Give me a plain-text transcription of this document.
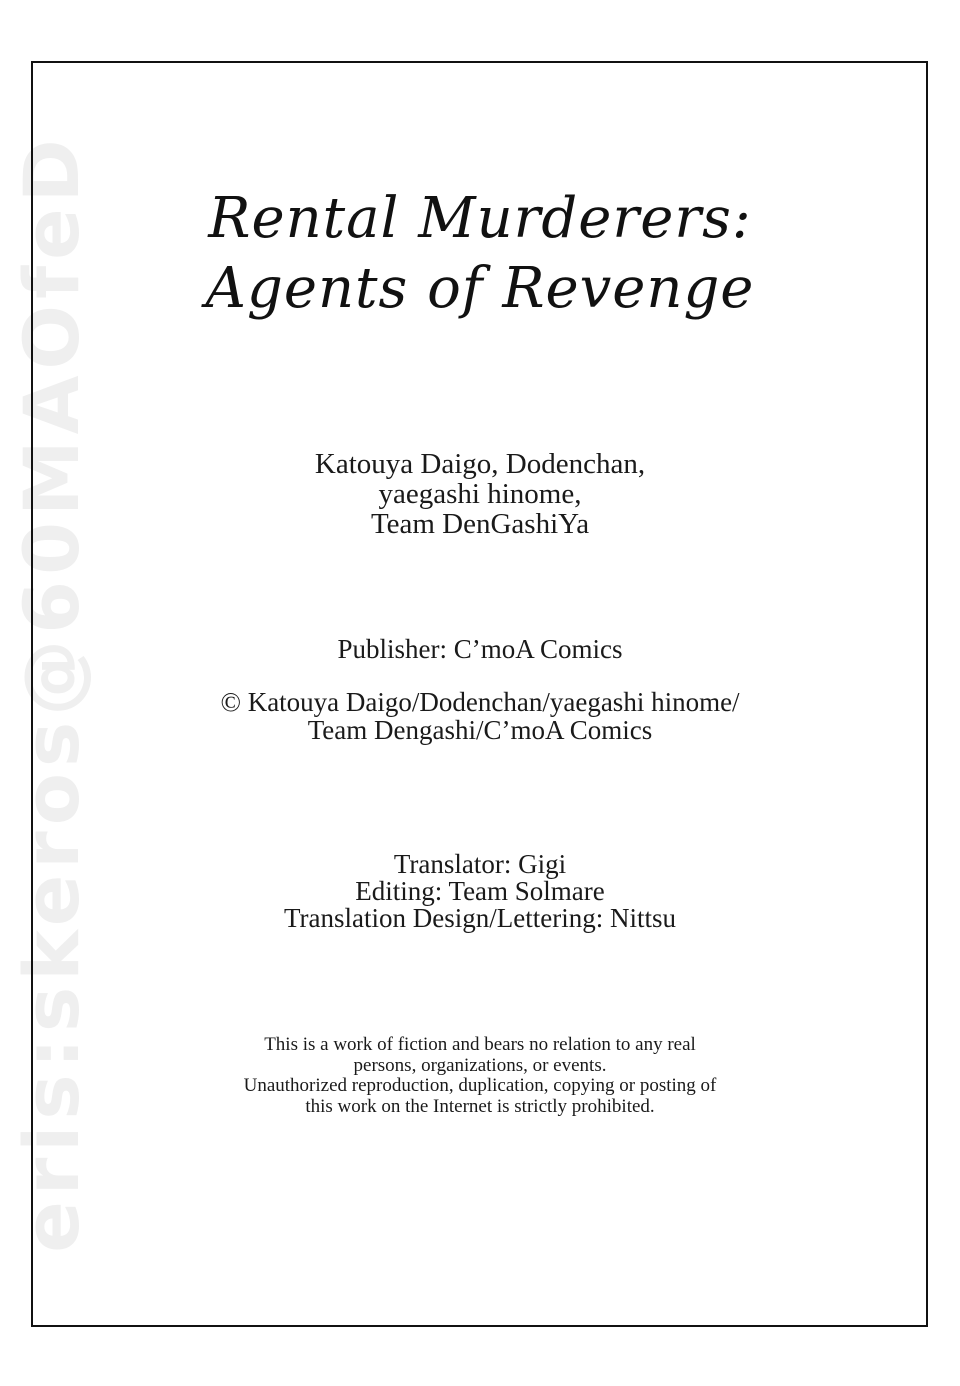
eris:skeros@60MAOfeD	Rental Murderers:
Agents of Revenge
Katouya Daigo, Dodenchan,
yaegashi hinome,
Team DenGashiYa
Publisher: C’moA Comics
© Katouya Daigo/Dodenchan/yaegashi hinome/
Team Dengashi/C’moA Comics
Translator: Gigi
Editing: Team Solmare
Translation Design/Lettering: Nittsu
This is a work of fiction and bears no relation to any real
persons, organizations, or events.
Unauthorized reproduction, duplication, copying or posting of
this work on the Internet is strictly prohibited.
